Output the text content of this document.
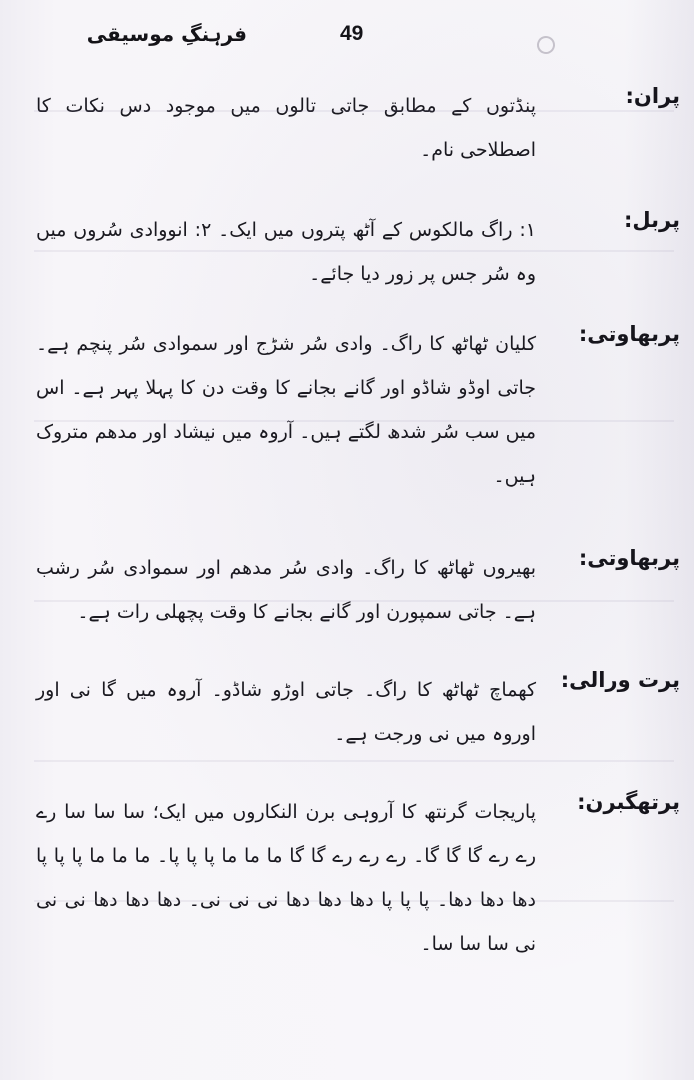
فرہنگِ موسیقی	49
پران:
پنڈتوں کے مطابق جاتی تالوں میں موجود دس نکات کا اصطلاحی نام۔
پربل:
۱: راگ مالکوس کے آٹھ پتروں میں ایک۔ ۲: انووادی سُروں میں وہ سُر جس پر زور دیا جائے۔
پربھاوتی:
کلیان ٹھاٹھ کا راگ۔ وادی سُر شڑج اور سموادی سُر پنچم ہے۔ جاتی اوڈو شاڈو اور گانے بجانے کا وقت دن کا پہلا پہر ہے۔ اس میں سب سُر شدھ لگتے ہیں۔ آروہ میں نیشاد اور مدھم متروک ہیں۔
پربھاوتی:
بھیروں ٹھاٹھ کا راگ۔ وادی سُر مدھم اور سموادی سُر رشب ہے۔ جاتی سمپورن اور گانے بجانے کا وقت پچھلی رات ہے۔
پرت ورالی:
کھماچ ٹھاٹھ کا راگ۔ جاتی اوڑو شاڈو۔ آروہ میں گا نی اور اوروہ میں نی ورجت ہے۔
پرتھگبرن:
پاریجات گرنتھ کا آروہی برن النکاروں میں ایک؛ سا سا سا رے رے رے گا گا گا۔ رے رے رے گا گا ما ما ما پا پا پا۔ ما ما ما پا پا پا دھا دھا دھا۔ پا پا پا دھا دھا دھا نی نی نی۔ دھا دھا دھا نی نی نی سا سا سا۔
